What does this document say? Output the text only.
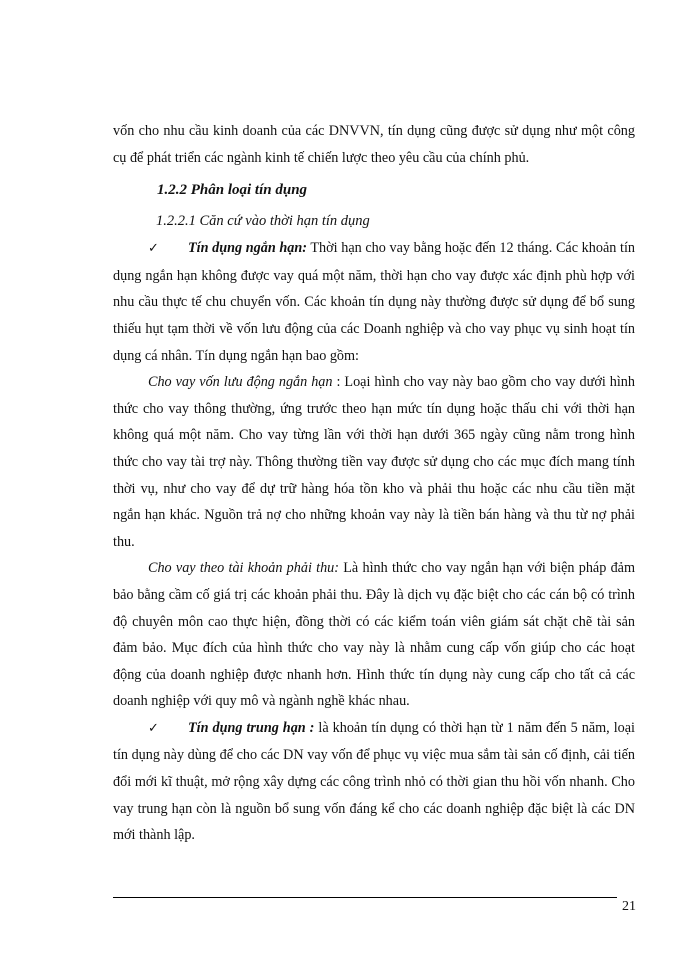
vốn cho nhu cầu kinh doanh của các DNVVN, tín dụng cũng được sử dụng như một công cụ để phát triển các ngành kinh tế chiến lược theo yêu cầu của chính phủ.

1.2.2 Phân loại tín dụng
1.2.2.1 Căn cứ vào thời hạn tín dụng

✓ Tín dụng ngắn hạn: Thời hạn cho vay bằng hoặc đến 12 tháng. Các khoản tín dụng ngắn hạn không được vay quá một năm, thời hạn cho vay được xác định phù hợp với nhu cầu thực tế chu chuyển vốn. Các khoản tín dụng này thường được sử dụng để bổ sung thiếu hụt tạm thời về vốn lưu động của các Doanh nghiệp và cho vay phục vụ sinh hoạt tín dụng cá nhân. Tín dụng ngắn hạn bao gồm:

Cho vay vốn lưu động ngắn hạn : Loại hình cho vay này bao gồm cho vay dưới hình thức cho vay thông thường, ứng trước theo hạn mức tín dụng hoặc thấu chi với thời hạn không quá một năm. Cho vay từng lần với thời hạn dưới 365 ngày cũng nằm trong hình thức cho vay tài trợ này. Thông thường tiền vay được sử dụng cho các mục đích mang tính thời vụ, như cho vay để dự trữ hàng hóa tồn kho và phải thu hoặc các nhu cầu tiền mặt ngắn hạn khác. Nguồn trả nợ cho những khoản vay này là tiền bán hàng và thu từ nợ phải thu.

Cho vay theo tài khoản phải thu: Là hình thức cho vay ngắn hạn với biện pháp đảm bảo bằng cầm cố giá trị các khoản phải thu. Đây là dịch vụ đặc biệt cho các cán bộ có trình độ chuyên môn cao thực hiện, đồng thời có các kiểm toán viên giám sát chặt chẽ tài sản đảm bảo. Mục đích của hình thức cho vay này là nhằm cung cấp vốn giúp cho các hoạt động của doanh nghiệp được nhanh hơn. Hình thức tín dụng này cung cấp cho tất cả các doanh nghiệp với quy mô và ngành nghề khác nhau.

✓ Tín dụng trung hạn : là khoản tín dụng có thời hạn từ 1 năm đến 5 năm, loại tín dụng này dùng để cho các DN vay vốn để phục vụ việc mua sắm tài sản cố định, cải tiến đổi mới kĩ thuật, mở rộng xây dựng các công trình nhỏ có thời gian thu hồi vốn nhanh. Cho vay trung hạn còn là nguồn bổ sung vốn đáng kể cho các doanh nghiệp đặc biệt là các DN mới thành lập.

21
